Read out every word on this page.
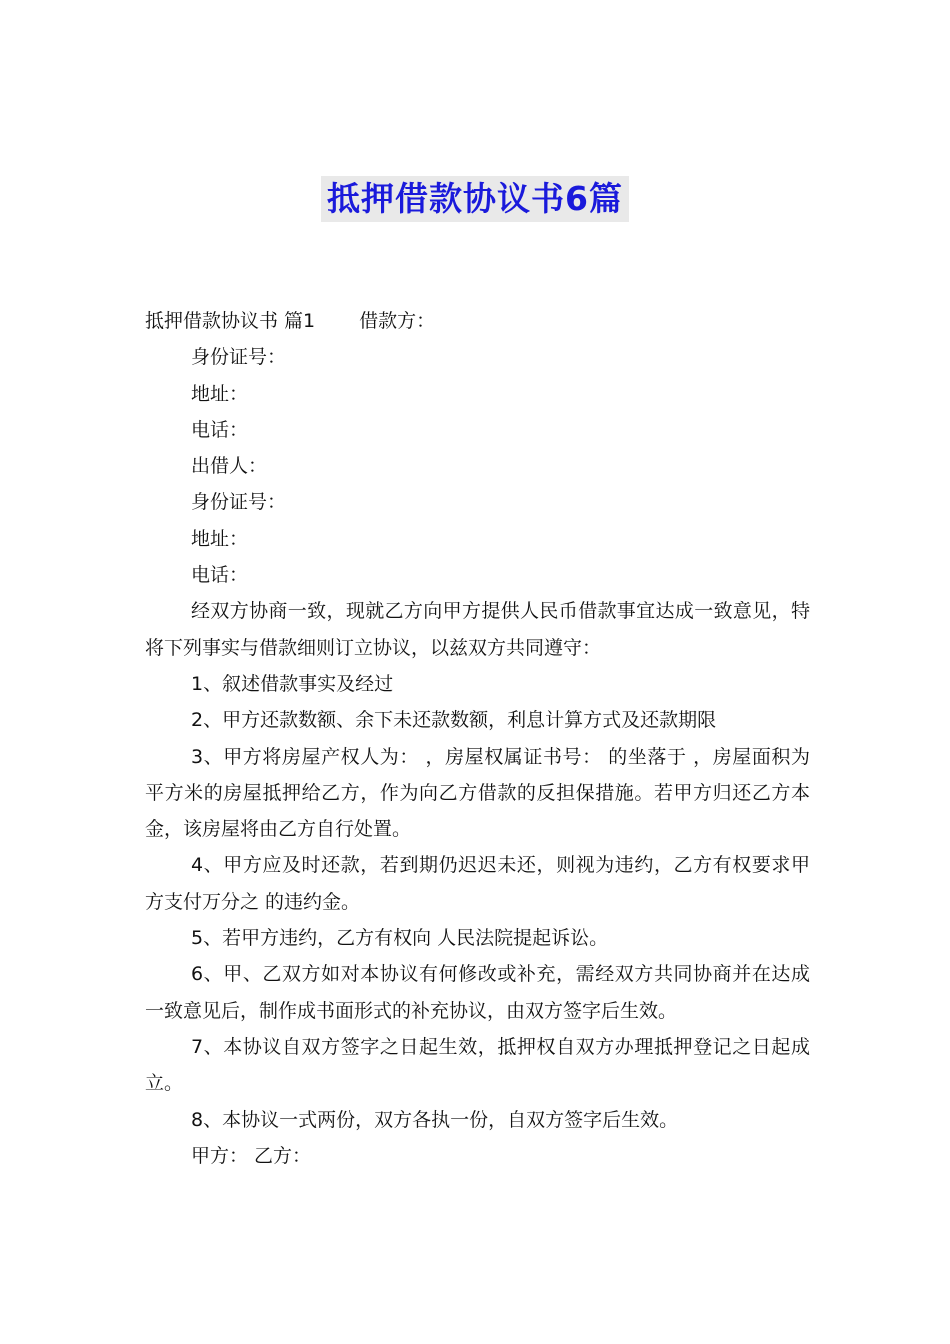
抵押借款协议书6篇

抵押借款协议书 篇1 借款方：

身份证号：

地址：

电话：

出借人：

身份证号：

地址：

电话：

经双方协商一致，现就乙方向甲方提供人民币借款事宜达成一致意见，特将下列事实与借款细则订立协议，以兹双方共同遵守：

1、叙述借款事实及经过

2、甲方还款数额、余下未还款数额，利息计算方式及还款期限

3、甲方将房屋产权人为： ，房屋权属证书号： 的坐落于 ，房屋面积为 平方米的房屋抵押给乙方，作为向乙方借款的反担保措施。若甲方归还乙方本金，该房屋将由乙方自行处置。

4、甲方应及时还款，若到期仍迟迟未还，则视为违约，乙方有权要求甲方支付万分之 的违约金。

5、若甲方违约，乙方有权向 人民法院提起诉讼。

6、甲、乙双方如对本协议有何修改或补充，需经双方共同协商并在达成一致意见后，制作成书面形式的补充协议，由双方签字后生效。

7、本协议自双方签字之日起生效，抵押权自双方办理抵押登记之日起成立。

8、本协议一式两份，双方各执一份，自双方签字后生效。

甲方： 乙方：
